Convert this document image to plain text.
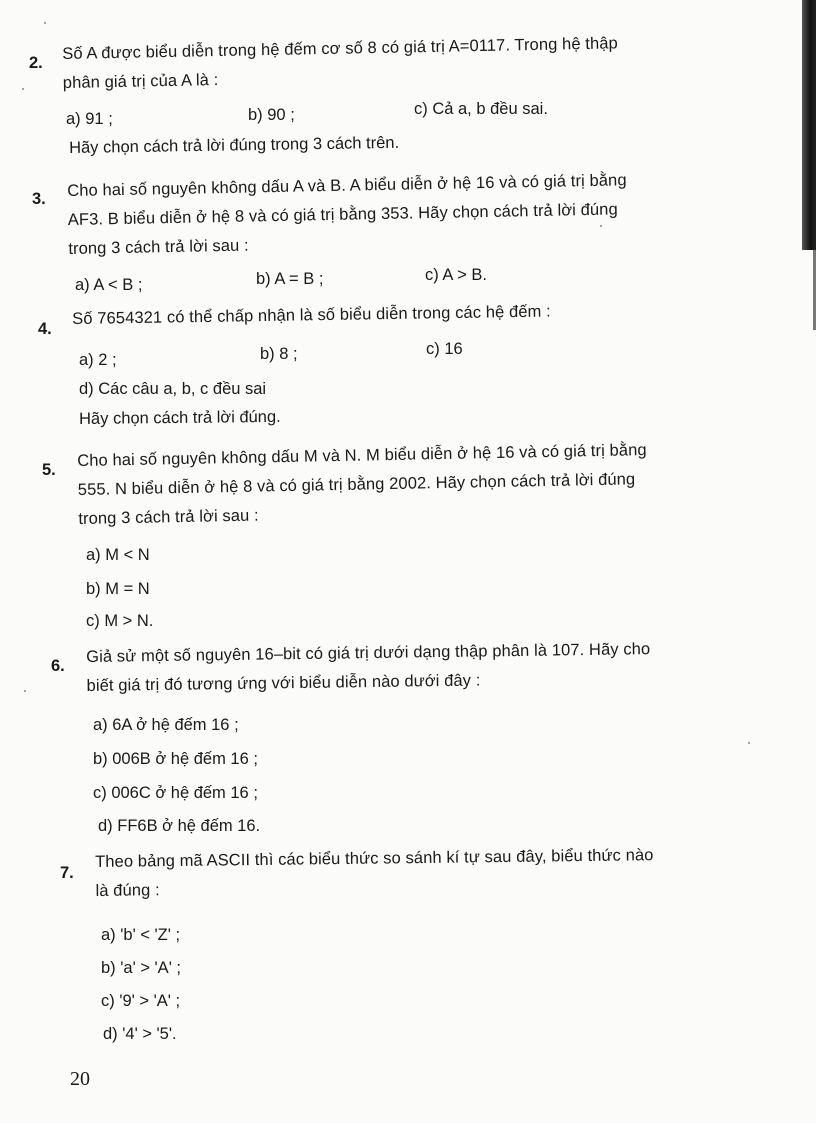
2.
Số A được biểu diễn trong hệ đếm cơ số 8 có giá trị A=0117. Trong hệ thập
phân giá trị của A là :
a) 91 ;	b) 90 ;	c) Cả a, b đều sai.
Hãy chọn cách trả lời đúng trong 3 cách trên.
3. Cho hai số nguyên không dấu A và B. A biểu diễn ở hệ 16 và có giá trị bằng
AF3. B biểu diễn ở hệ 8 và có giá trị bằng 353. Hãy chọn cách trả lời đúng
trong 3 cách trả lời sau :
a) A < B ;	b) A = B ;	c) A > B.
4.
Số 7654321 có thể chấp nhận là số biểu diễn trong các hệ đếm :
a) 2 ;	b) 8 ;	c) 16
d) Các câu a, b, c đều sai
Hãy chọn cách trả lời đúng.
5.
Cho hai số nguyên không dấu M và N. M biểu diễn ở hệ 16 và có giá trị bằng
555. N biểu diễn ở hệ 8 và có giá trị bằng 2002. Hãy chọn cách trả lời đúng
trong 3 cách trả lời sau :
a) M < N
b) M = N
c) M > N.
6.
Giả sử một số nguyên 16–bit có giá trị dưới dạng thập phân là 107. Hãy cho
biết giá trị đó tương ứng với biểu diễn nào dưới đây :
a) 6A ở hệ đếm 16 ;
b) 006B ở hệ đếm 16 ;
c) 006C ở hệ đếm 16 ;
d) FF6B ở hệ đếm 16.
7.
Theo bảng mã ASCII thì các biểu thức so sánh kí tự sau đây, biểu thức nào
là đúng :
a) 'b' < 'Z' ;
b) 'a' > 'A' ;
c) '9' > 'A' ;
d) '4' > '5'.
20
